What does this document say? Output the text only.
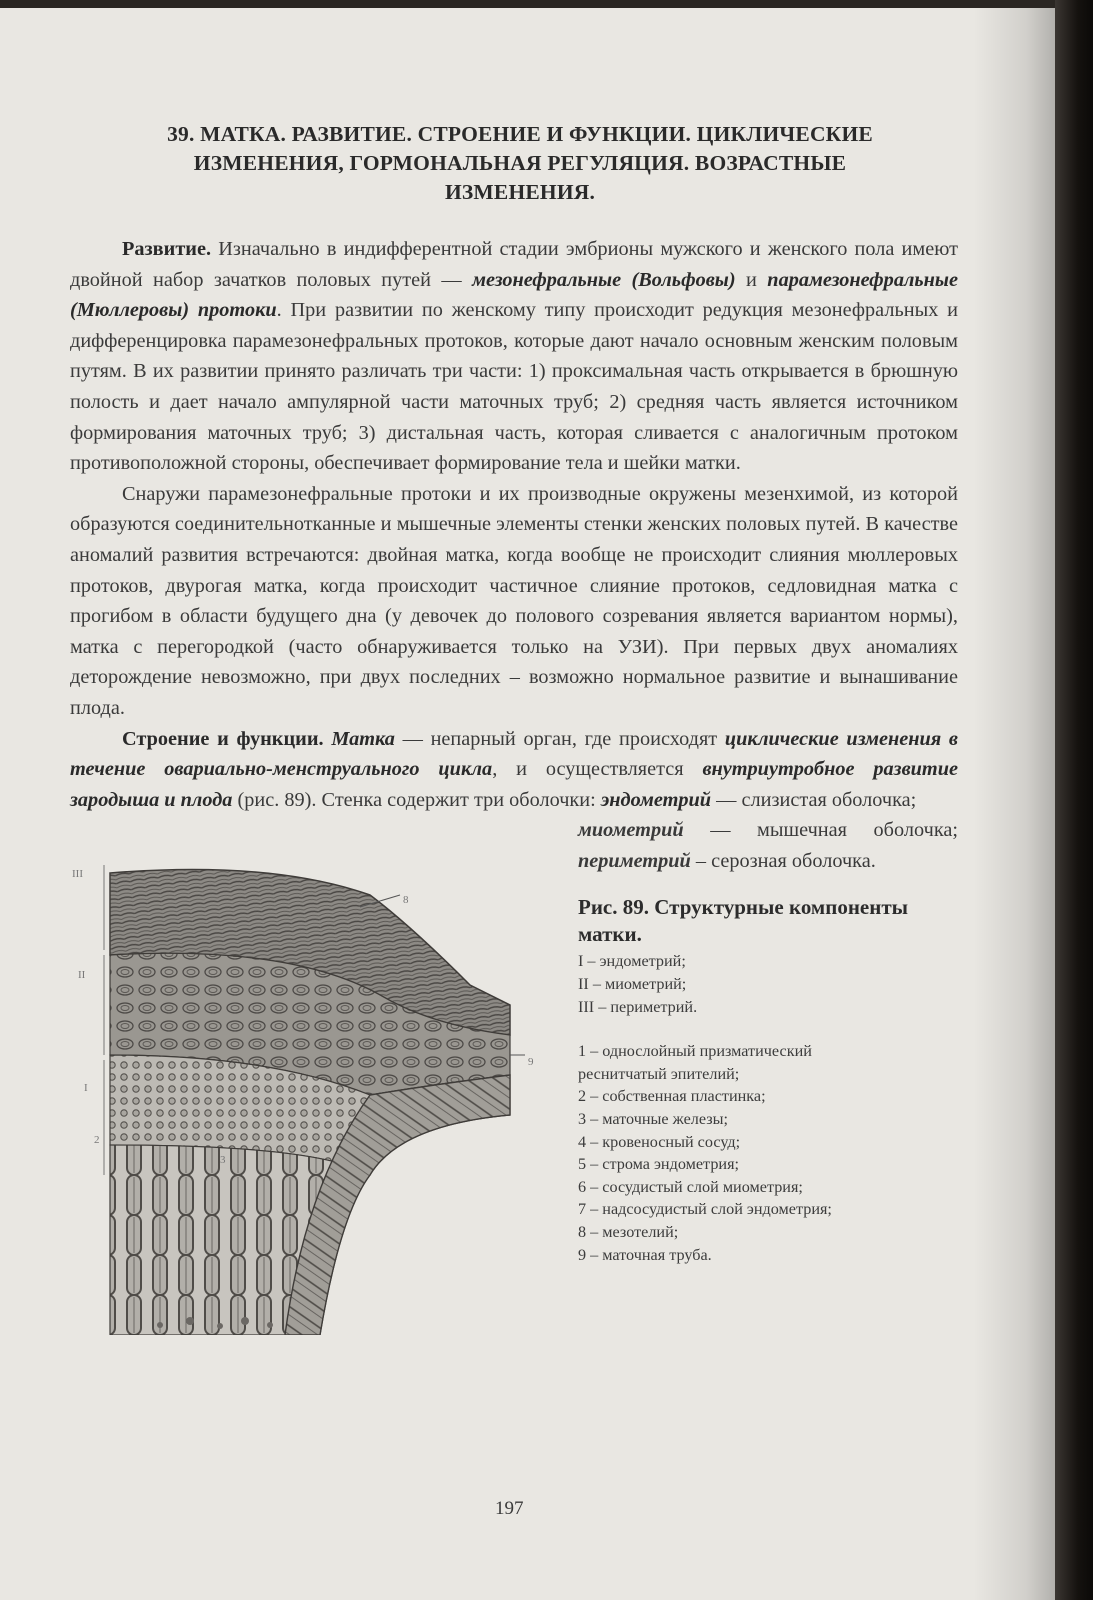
39. МАТКА. РАЗВИТИЕ. СТРОЕНИЕ И ФУНКЦИИ. ЦИКЛИЧЕСКИЕ
ИЗМЕНЕНИЯ, ГОРМОНАЛЬНАЯ РЕГУЛЯЦИЯ. ВОЗРАСТНЫЕ
ИЗМЕНЕНИЯ.

Развитие. Изначально в индифферентной стадии эмбрионы мужского и женского пола имеют двойной набор зачатков половых путей — мезонефральные (Вольфовы) и парамезонефральные (Мюллеровы) протоки. При развитии по женскому типу происходит редукция мезонефральных и дифференцировка парамезонефральных протоков, которые дают начало основным женским половым путям. В их развитии принято различать три части: 1) проксимальная часть открывается в брюшную полость и дает начало ампулярной части маточных труб; 2) средняя часть является источником формирования маточных труб; 3) дистальная часть, которая сливается с аналогичным протоком противоположной стороны, обеспечивает формирование тела и шейки матки.

Снаружи парамезонефральные протоки и их производные окружены мезенхимой, из которой образуются соединительнотканные и мышечные элементы стенки женских половых путей. В качестве аномалий развития встречаются: двойная матка, когда вообще не происходит слияния мюллеровых протоков, двурогая матка, когда происходит частичное слияние протоков, седловидная матка с прогибом в области будущего дна (у девочек до полового созревания является вариантом нормы), матка с перегородкой (часто обнаруживается только на УЗИ). При первых двух аномалиях деторождение невозможно, при двух последних – возможно нормальное развитие и вынашивание плода.

Строение и функции. Матка — непарный орган, где происходят циклические изменения в течение овариально-менструального цикла, и осуществляется внутриутробное развитие зародыша и плода (рис. 89). Стенка содержит три оболочки: эндометрий — слизистая оболочка;

III
II
I
8
9
2
3

миометрий — мышечная оболочка; периметрий – серозная оболочка.

Рис. 89. Структурные компоненты матки.
I – эндометрий;
II – миометрий;
III – периметрий.
1 – однослойный призматический
реснитчатый эпителий;
2 – собственная пластинка;
3 – маточные железы;
4 – кровеносный сосуд;
5 – строма эндометрия;
6 – сосудистый слой миометрия;
7 – надсосудистый слой эндометрия;
8 – мезотелий;
9 – маточная труба.
197
